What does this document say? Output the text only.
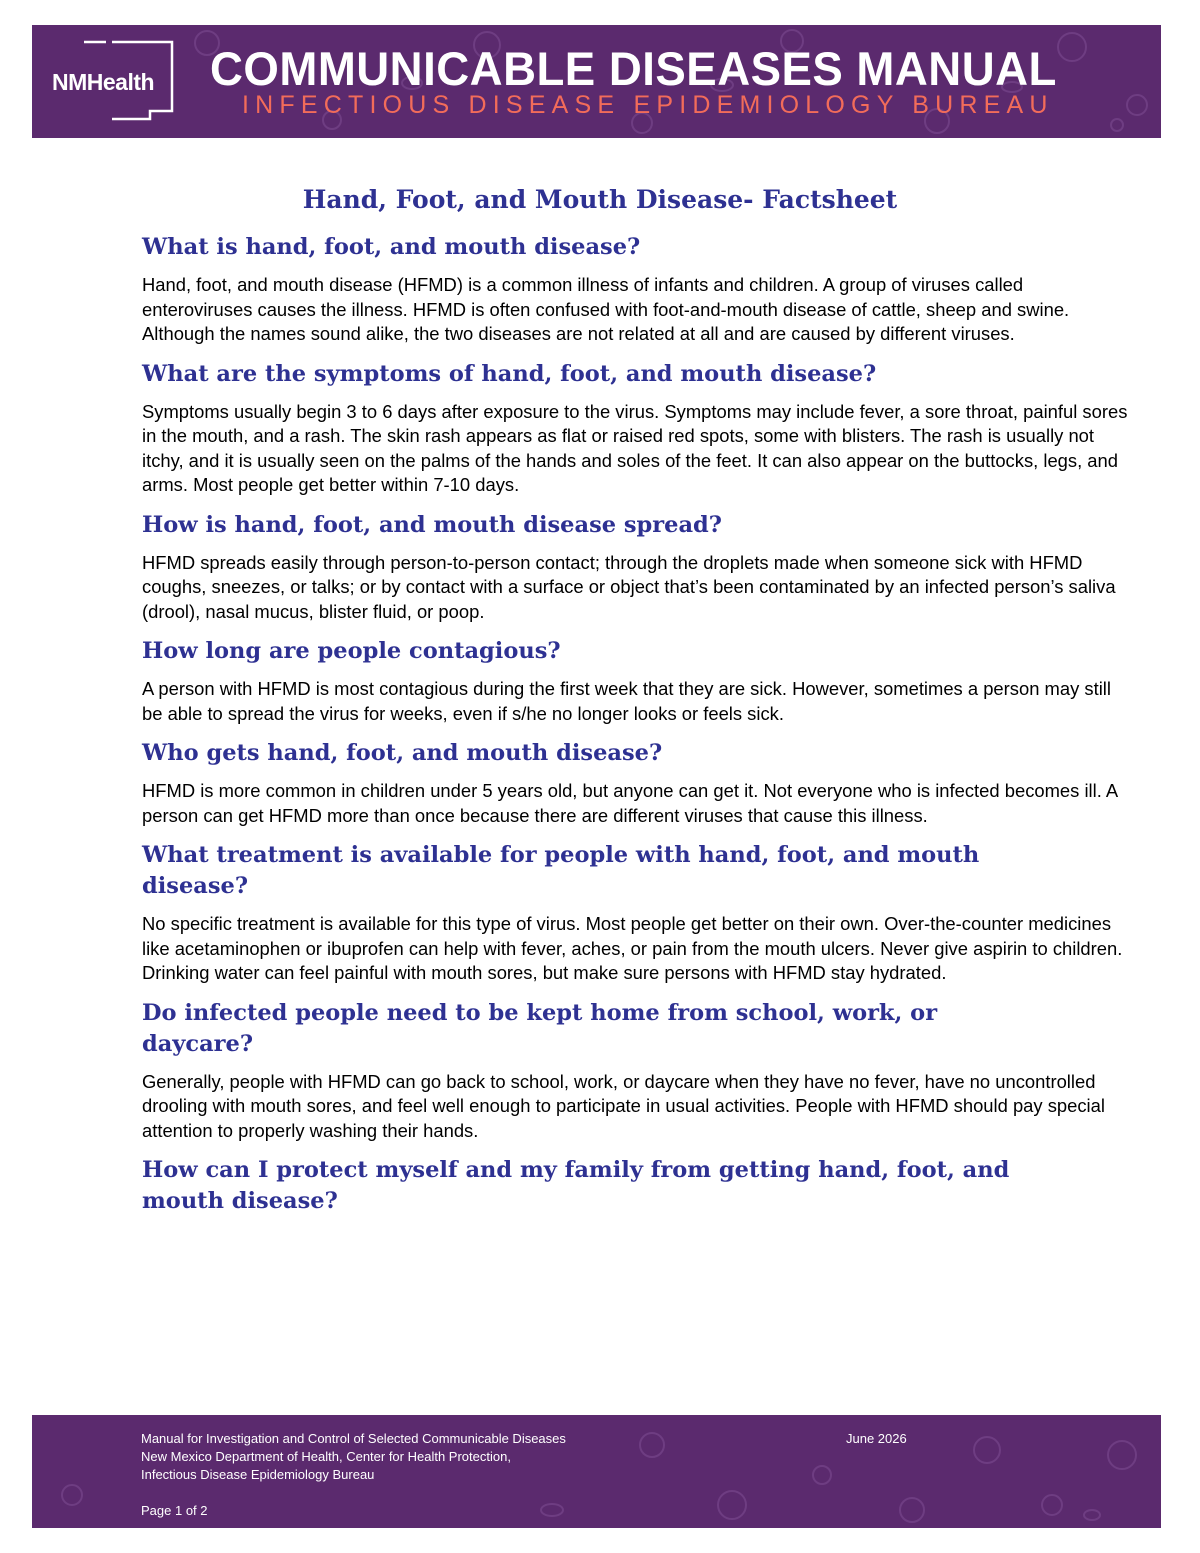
NMHealth COMMUNICABLE DISEASES MANUAL
INFECTIOUS DISEASE EPIDEMIOLOGY BUREAU
Hand, Foot, and Mouth Disease- Factsheet
What is hand, foot, and mouth disease?

Hand, foot, and mouth disease (HFMD) is a common illness of infants and children. A group of viruses called enteroviruses causes the illness. HFMD is often confused with foot-and-mouth disease of cattle, sheep and swine. Although the names sound alike, the two diseases are not related at all and are caused by different viruses.

What are the symptoms of hand, foot, and mouth disease?

Symptoms usually begin 3 to 6 days after exposure to the virus. Symptoms may include fever, a sore throat, painful sores in the mouth, and a rash. The skin rash appears as flat or raised red spots, some with blisters. The rash is usually not itchy, and it is usually seen on the palms of the hands and soles of the feet. It can also appear on the buttocks, legs, and arms. Most people get better within 7-10 days.

How is hand, foot, and mouth disease spread?

HFMD spreads easily through person-to-person contact; through the droplets made when someone sick with HFMD coughs, sneezes, or talks; or by contact with a surface or object that’s been contaminated by an infected person’s saliva (drool), nasal mucus, blister fluid, or poop.

How long are people contagious?

A person with HFMD is most contagious during the first week that they are sick. However, sometimes a person may still be able to spread the virus for weeks, even if s/he no longer looks or feels sick.

Who gets hand, foot, and mouth disease?

HFMD is more common in children under 5 years old, but anyone can get it. Not everyone who is infected becomes ill. A person can get HFMD more than once because there are different viruses that cause this illness.

What treatment is available for people with hand, foot, and mouth disease?

No specific treatment is available for this type of virus. Most people get better on their own. Over-the-counter medicines like acetaminophen or ibuprofen can help with fever, aches, or pain from the mouth ulcers. Never give aspirin to children. Drinking water can feel painful with mouth sores, but make sure persons with HFMD stay hydrated.

Do infected people need to be kept home from school, work, or daycare?

Generally, people with HFMD can go back to school, work, or daycare when they have no fever, have no uncontrolled drooling with mouth sores, and feel well enough to participate in usual activities. People with HFMD should pay special attention to properly washing their hands.

How can I protect myself and my family from getting hand, foot, and mouth disease?
Manual for Investigation and Control of Selected Communicable Diseases
New Mexico Department of Health, Center for Health Protection,
Infectious Disease Epidemiology Bureau
June 2026
Page 1 of 2
